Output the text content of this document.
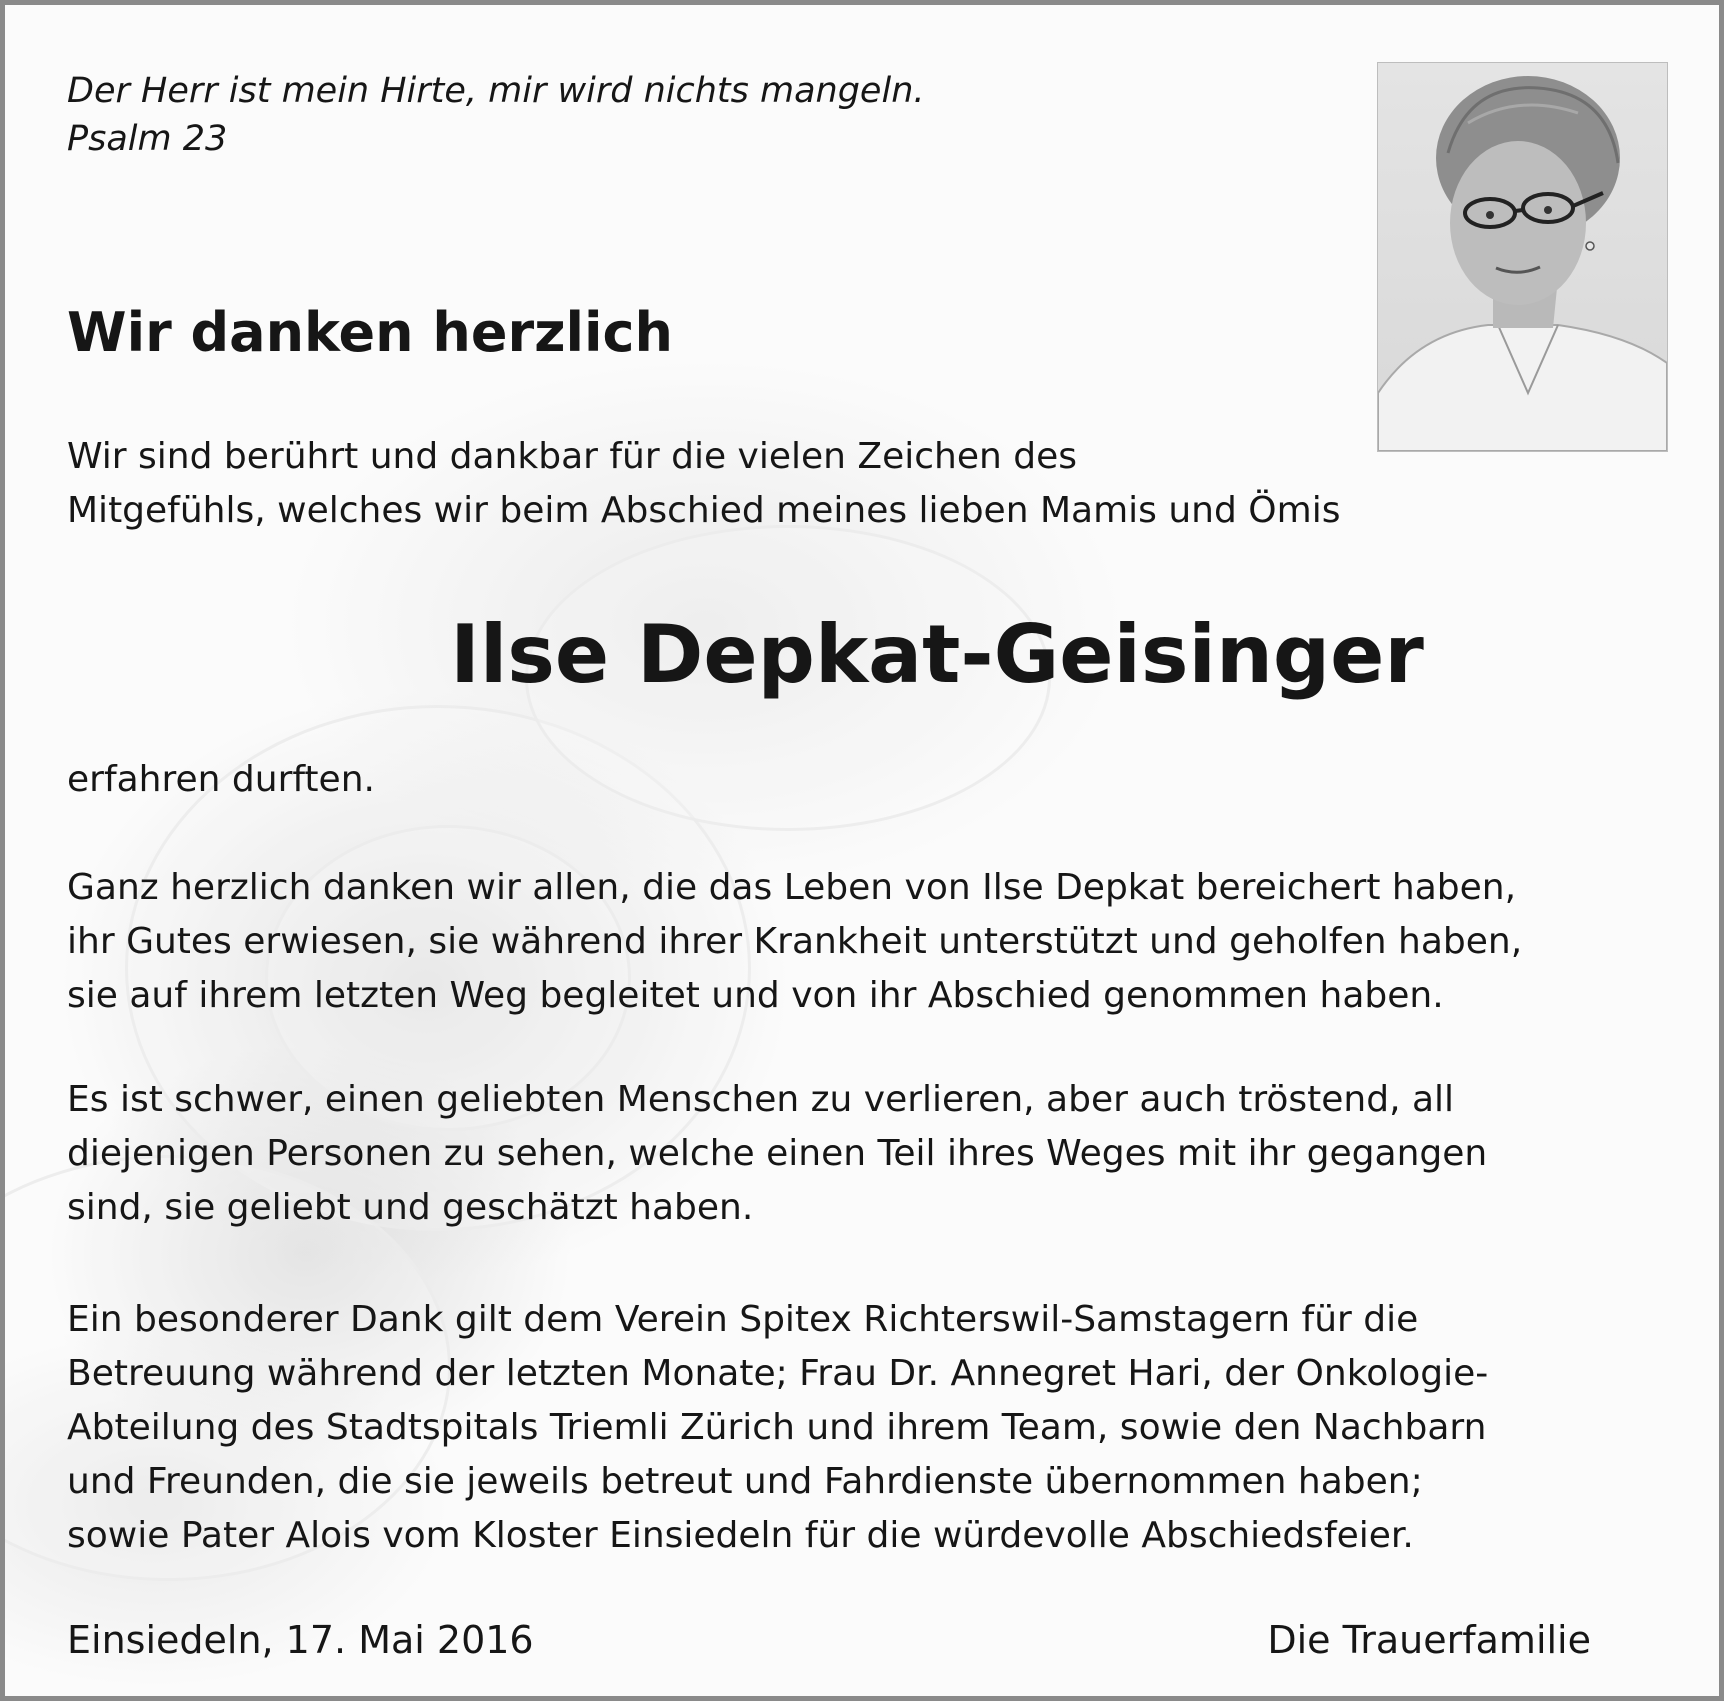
Der Herr ist mein Hirte, mir wird nichts mangeln.
Psalm 23

Wir danken herzlich

Wir sind berührt und dankbar für die vielen Zeichen des
Mitgefühls, welches wir beim Abschied meines lieben Mamis und Ömis

Ilse Depkat-Geisinger

erfahren durften.

Ganz herzlich danken wir allen, die das Leben von Ilse Depkat bereichert haben,
ihr Gutes erwiesen, sie während ihrer Krankheit unterstützt und geholfen haben,
sie auf ihrem letzten Weg begleitet und von ihr Abschied genommen haben.

Es ist schwer, einen geliebten Menschen zu verlieren, aber auch tröstend, all
diejenigen Personen zu sehen, welche einen Teil ihres Weges mit ihr gegangen
sind, sie geliebt und geschätzt haben.

Ein besonderer Dank gilt dem Verein Spitex Richterswil-Samstagern für die
Betreuung während der letzten Monate; Frau Dr. Annegret Hari, der Onkologie-
Abteilung des Stadtspitals Triemli Zürich und ihrem Team, sowie den Nachbarn
und Freunden, die sie jeweils betreut und Fahrdienste übernommen haben;
sowie Pater Alois vom Kloster Einsiedeln für die würdevolle Abschiedsfeier.

Einsiedeln, 17. Mai 2016	Die Trauerfamilie
